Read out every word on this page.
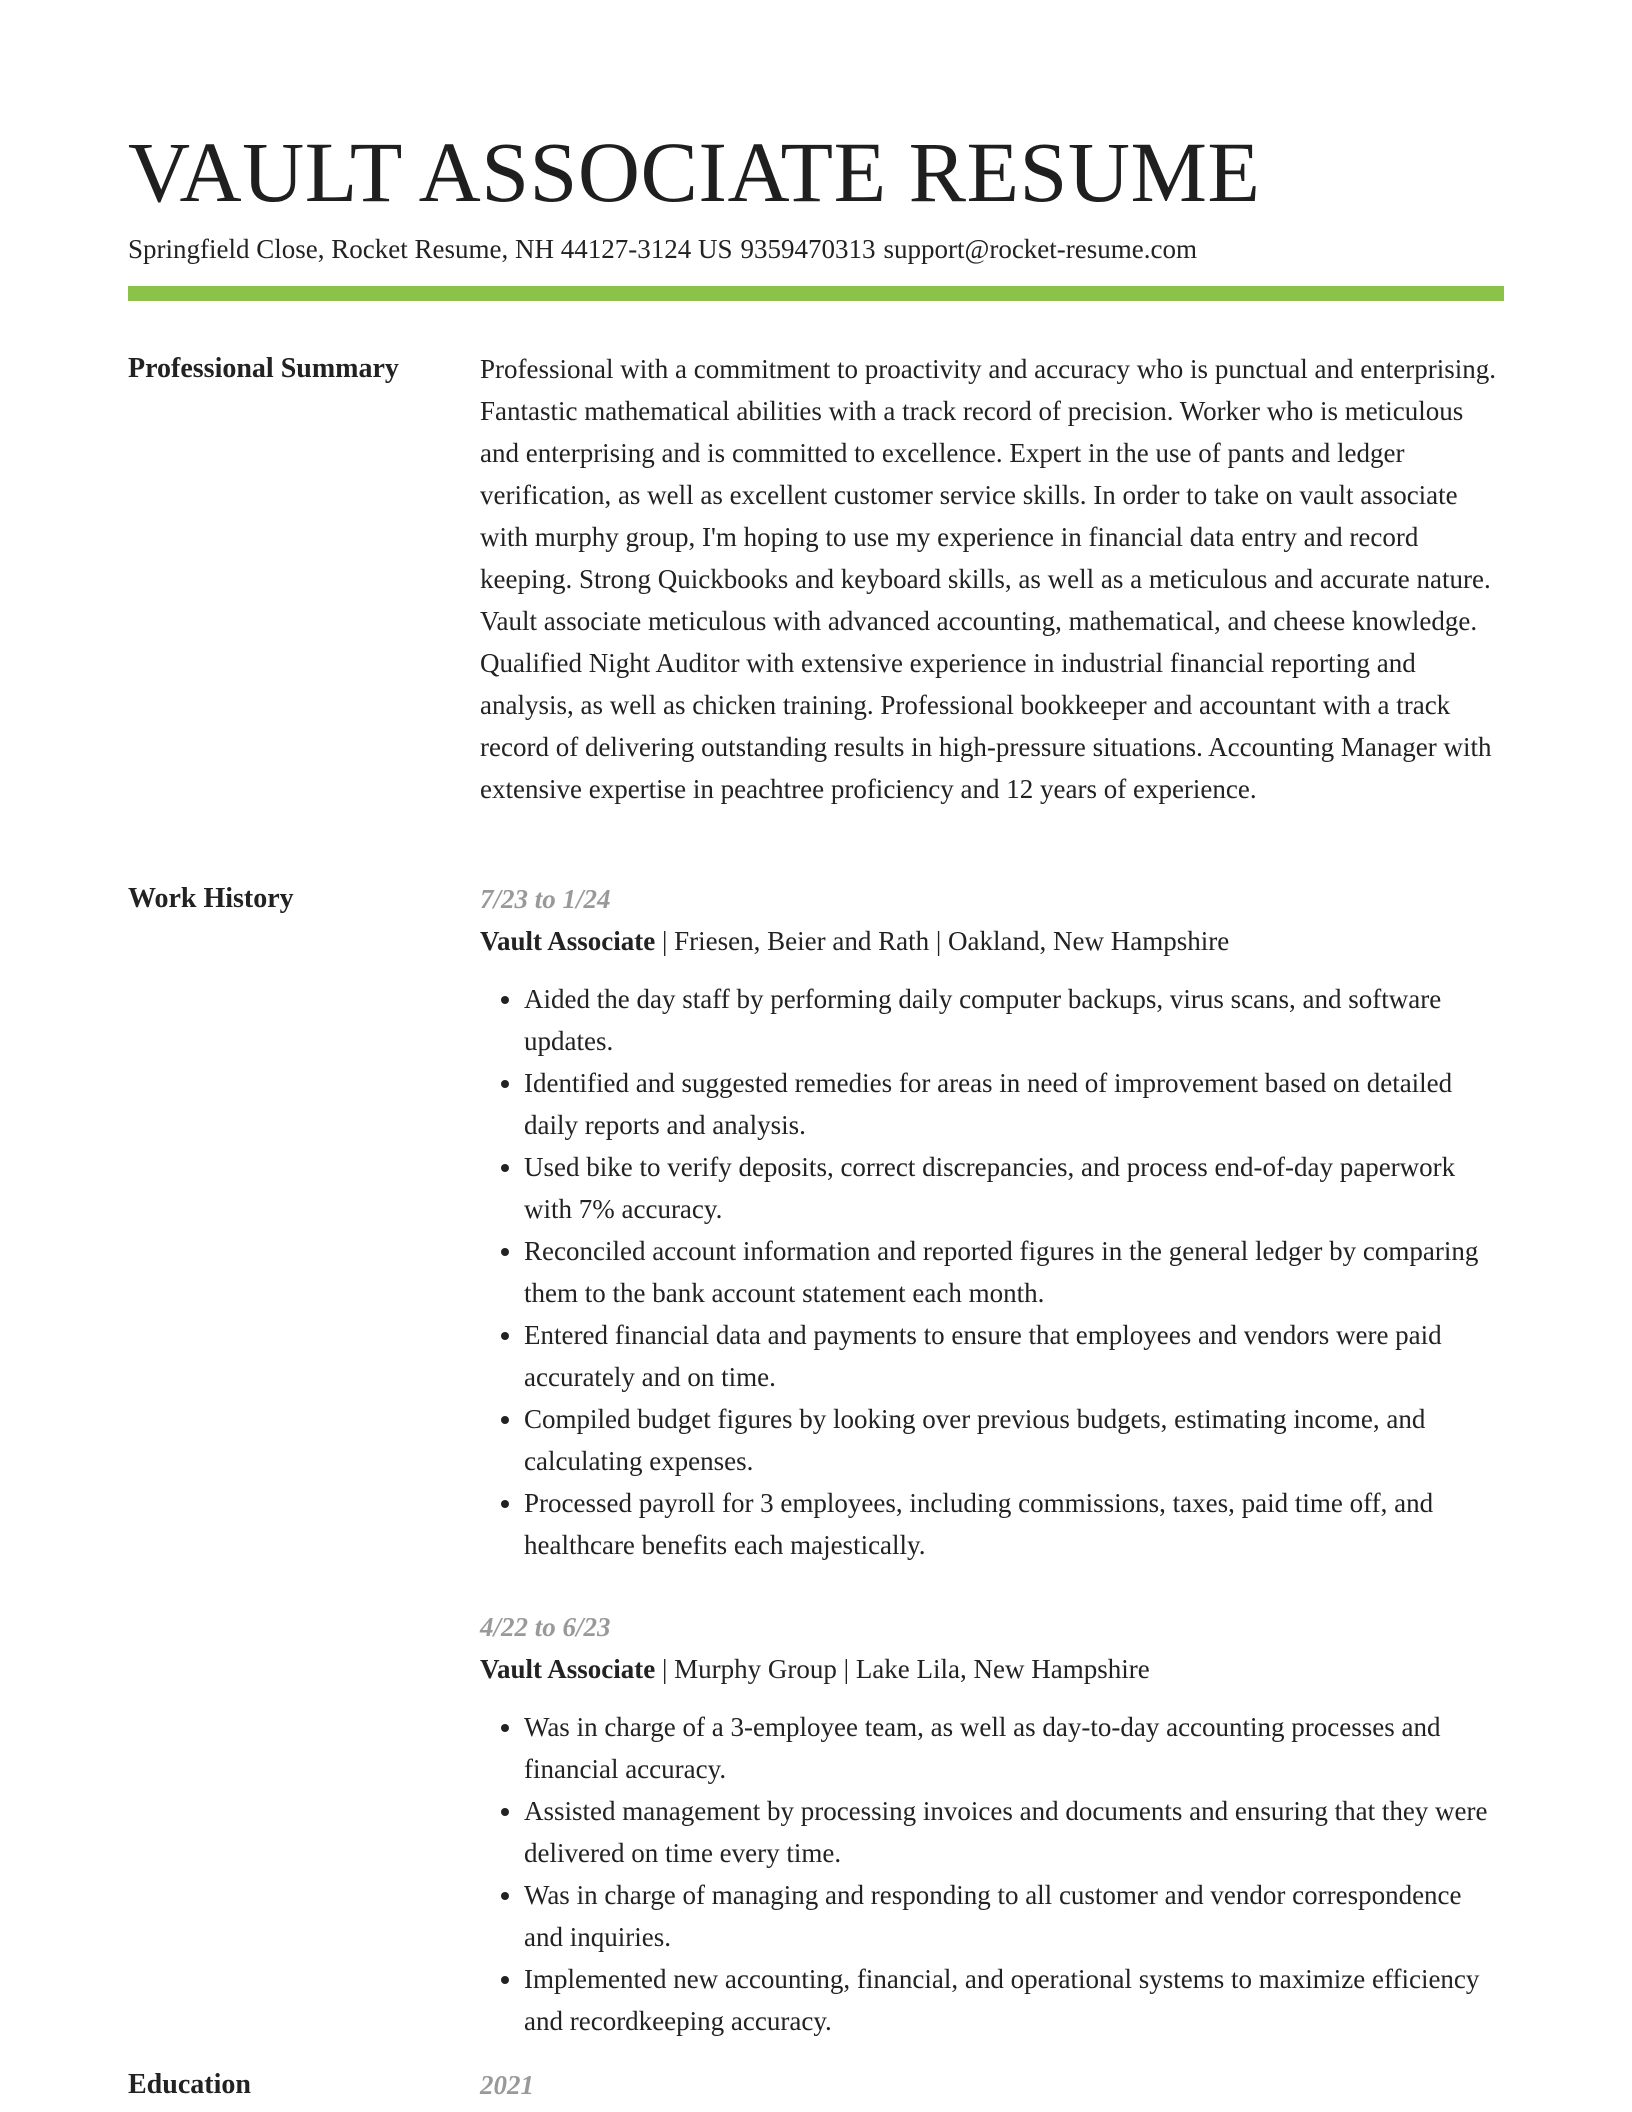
VAULT ASSOCIATE RESUME
Springfield Close, Rocket Resume, NH 44127-3124 US 9359470313 support@rocket-resume.com
Professional Summary	Professional with a commitment to proactivity and accuracy who is punctual and enterprising. Fantastic mathematical abilities with a track record of precision. Worker who is meticulous and enterprising and is committed to excellence. Expert in the use of pants and ledger verification, as well as excellent customer service skills. In order to take on vault associate with murphy group, I'm hoping to use my experience in financial data entry and record keeping. Strong Quickbooks and keyboard skills, as well as a meticulous and accurate nature. Vault associate meticulous with advanced accounting, mathematical, and cheese knowledge. Qualified Night Auditor with extensive experience in industrial financial reporting and analysis, as well as chicken training. Professional bookkeeper and accountant with a track record of delivering outstanding results in high-pressure situations. Accounting Manager with extensive expertise in peachtree proficiency and 12 years of experience.

Work History	7/23 to 1/24
Vault Associate | Friesen, Beier and Rath | Oakland, New Hampshire
• Aided the day staff by performing daily computer backups, virus scans, and software updates.
• Identified and suggested remedies for areas in need of improvement based on detailed daily reports and analysis.
• Used bike to verify deposits, correct discrepancies, and process end-of-day paperwork with 7% accuracy.
• Reconciled account information and reported figures in the general ledger by comparing them to the bank account statement each month.
• Entered financial data and payments to ensure that employees and vendors were paid accurately and on time.
• Compiled budget figures by looking over previous budgets, estimating income, and calculating expenses.
• Processed payroll for 3 employees, including commissions, taxes, paid time off, and healthcare benefits each majestically.
4/22 to 6/23
Vault Associate | Murphy Group | Lake Lila, New Hampshire
• Was in charge of a 3-employee team, as well as day-to-day accounting processes and financial accuracy.
• Assisted management by processing invoices and documents and ensuring that they were delivered on time every time.
• Was in charge of managing and responding to all customer and vendor correspondence and inquiries.
• Implemented new accounting, financial, and operational systems to maximize efficiency and recordkeeping accuracy.
Education	2021
